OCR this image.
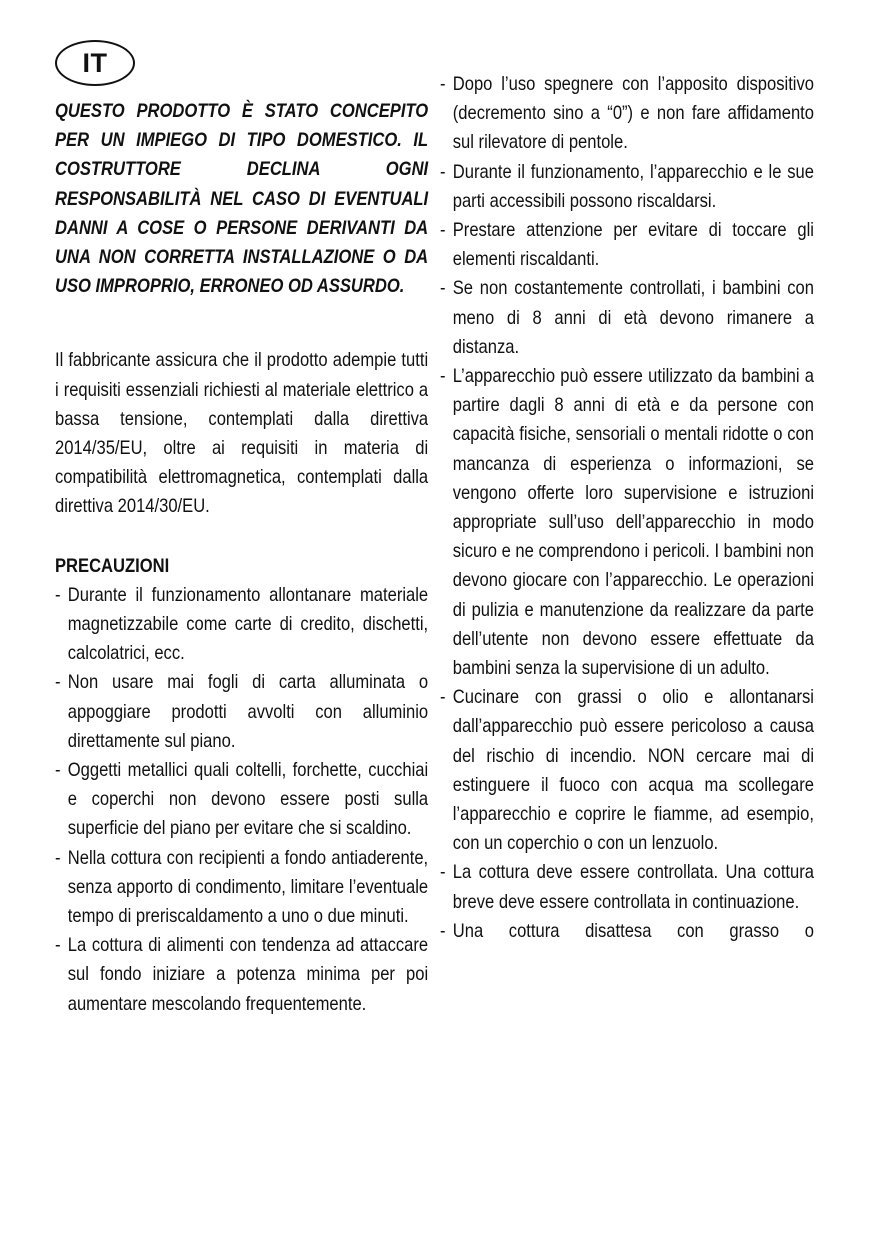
IT

QUESTO PRODOTTO È STATO CONCEPITO PER UN IMPIEGO DI TIPO DOMESTICO. IL COSTRUTTORE DECLINA OGNI RESPONSABILITÀ NEL CASO DI EVENTUALI DANNI A COSE O PERSONE DERIVANTI DA UNA NON CORRETTA INSTALLAZIONE O DA USO IMPROPRIO, ERRONEO OD ASSURDO.

Il fabbricante assicura che il prodotto adempie tutti i requisiti essenziali richiesti al materiale elettrico a bassa tensione, contemplati dalla direttiva 2014/35/EU, oltre ai requisiti in materia di compatibilità elettromagnetica, contemplati dalla direttiva 2014/30/EU.

PRECAUZIONI

- Durante il funzionamento allontanare materiale magnetizzabile come carte di credito, dischetti, calcolatrici, ecc.
- Non usare mai fogli di carta alluminata o appoggiare prodotti avvolti con alluminio direttamente sul piano.
- Oggetti metallici quali coltelli, forchette, cucchiai e coperchi non devono essere posti sulla superficie del piano per evitare che si scaldino.
- Nella cottura con recipienti a fondo antiaderente, senza apporto di condimento, limitare l’eventuale tempo di preriscaldamento a uno o due minuti.
- La cottura di alimenti con tendenza ad attaccare sul fondo iniziare a potenza minima per poi aumentare mescolando frequentemente.
- Dopo l’uso spegnere con l’apposito dispositivo (decremento sino a “0”) e non fare affidamento sul rilevatore di pentole.
- Durante il funzionamento, l’apparecchio e le sue parti accessibili possono riscaldarsi.
- Prestare attenzione per evitare di toccare gli elementi riscaldanti.
- Se non costantemente controllati, i bambini con meno di 8 anni di età devono rimanere a distanza.
- L’apparecchio può essere utilizzato da bambini a partire dagli 8 anni di età e da persone con capacità fisiche, sensoriali o mentali ridotte o con mancanza di esperienza o informazioni, se vengono offerte loro supervisione e istruzioni appropriate sull’uso dell’apparecchio in modo sicuro e ne comprendono i pericoli. I bambini non devono giocare con l’apparecchio. Le operazioni di pulizia e manutenzione da realizzare da parte dell’utente non devono essere effettuate da bambini senza la supervisione di un adulto.
- Cucinare con grassi o olio e allontanarsi dall’apparecchio può essere pericoloso a causa del rischio di incendio. NON cercare mai di estinguere il fuoco con acqua ma scollegare l’apparecchio e coprire le fiamme, ad esempio, con un coperchio o con un lenzuolo.
- La cottura deve essere controllata. Una cottura breve deve essere controllata in continuazione.
- Una cottura disattesa con grasso o
